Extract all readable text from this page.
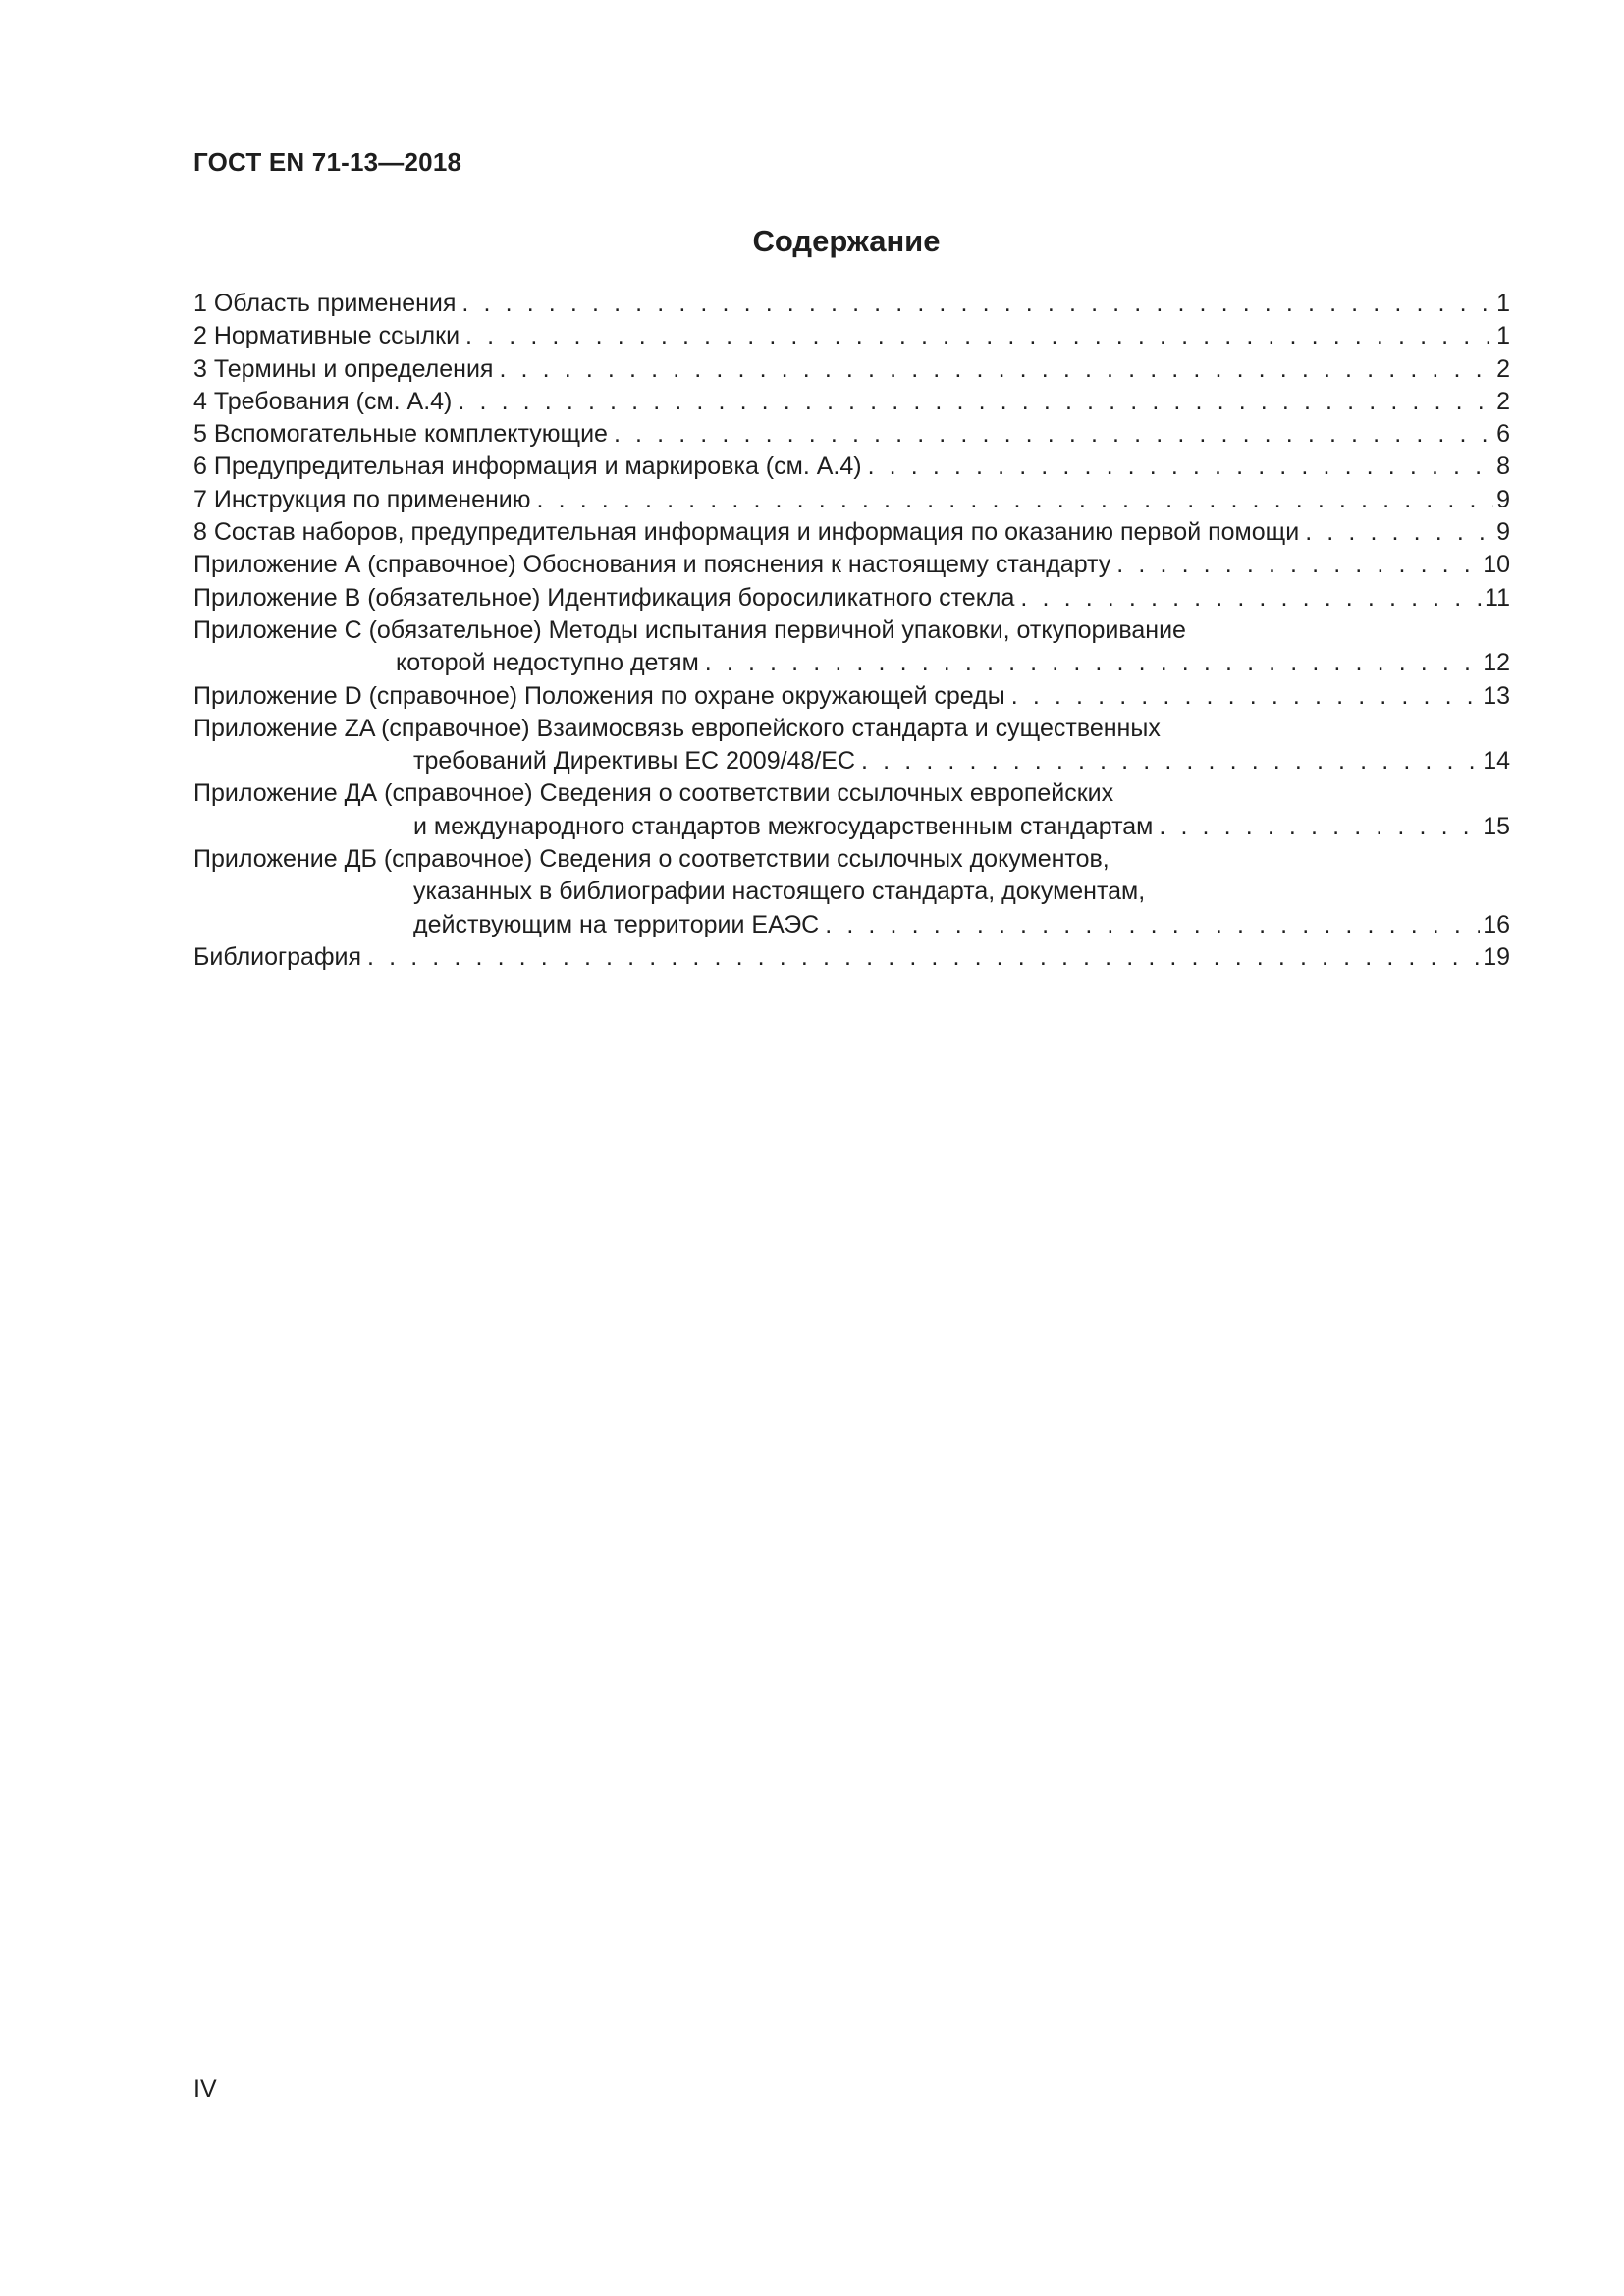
ГОСТ EN 71-13—2018
Содержание
1 Область применения . . .	1
2 Нормативные ссылки . . .	1
3 Термины и определения . . .	2
4 Требования (см. А.4) . . .	2
5 Вспомогательные комплектующие . . .	6
6 Предупредительная информация и маркировка (см. А.4) . . .	8
7 Инструкция по применению . . .	9
8 Состав наборов, предупредительная информация и информация по оказанию первой помощи . . .	9
Приложение А (справочное) Обоснования и пояснения к настоящему стандарту . . .	10
Приложение В (обязательное) Идентификация боросиликатного стекла . . .	11
Приложение С (обязательное) Методы испытания первичной упаковки, откупоривание
которой недоступно детям . . .	12
Приложение D (справочное) Положения по охране окружающей среды . . .	13
Приложение ZA (справочное) Взаимосвязь европейского стандарта и существенных
требований Директивы ЕС 2009/48/ЕС . . .	14
Приложение ДА (справочное) Сведения о соответствии ссылочных европейских
и международного стандартов межгосударственным стандартам . . .	15
Приложение ДБ (справочное) Сведения о соответствии ссылочных документов,
указанных в библиографии настоящего стандарта, документам,
действующим на территории ЕАЭС . . .	16
Библиография . . .	19
IV
